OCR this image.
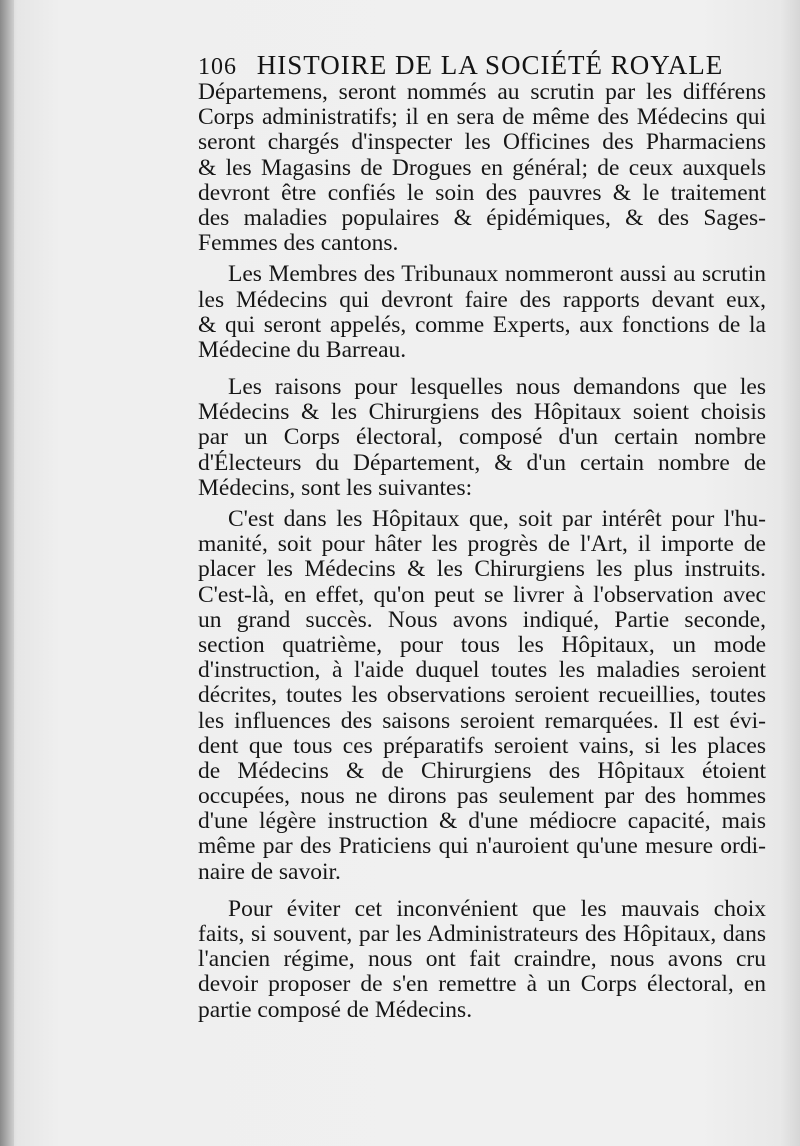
106 HISTOIRE DE LA SOCIÉTÉ ROYALE
Départemens, seront nommés au scrutin par les différens
Corps administratifs; il en sera de même des Médecins qui
seront chargés d'inspecter les Officines des Pharmaciens
& les Magasins de Drogues en général; de ceux auxquels
devront être confiés le soin des pauvres & le traitement
des maladies populaires & épidémiques, & des Sages-
Femmes des cantons.
Les Membres des Tribunaux nommeront aussi au scrutin
les Médecins qui devront faire des rapports devant eux,
& qui seront appelés, comme Experts, aux fonctions de la
Médecine du Barreau.
Les raisons pour lesquelles nous demandons que les
Médecins & les Chirurgiens des Hôpitaux soient choisis
par un Corps électoral, composé d'un certain nombre
d'Électeurs du Département, & d'un certain nombre de
Médecins, sont les suivantes:
C'est dans les Hôpitaux que, soit par intérêt pour l'hu-
manité, soit pour hâter les progrès de l'Art, il importe de
placer les Médecins & les Chirurgiens les plus instruits.
C'est-là, en effet, qu'on peut se livrer à l'observation avec
un grand succès. Nous avons indiqué, Partie seconde,
section quatrième, pour tous les Hôpitaux, un mode
d'instruction, à l'aide duquel toutes les maladies seroient
décrites, toutes les observations seroient recueillies, toutes
les influences des saisons seroient remarquées. Il est évi-
dent que tous ces préparatifs seroient vains, si les places
de Médecins & de Chirurgiens des Hôpitaux étoient
occupées, nous ne dirons pas seulement par des hommes
d'une légère instruction & d'une médiocre capacité, mais
même par des Praticiens qui n'auroient qu'une mesure ordi-
naire de savoir.
Pour éviter cet inconvénient que les mauvais choix
faits, si souvent, par les Administrateurs des Hôpitaux, dans
l'ancien régime, nous ont fait craindre, nous avons cru
devoir proposer de s'en remettre à un Corps électoral, en
partie composé de Médecins.
